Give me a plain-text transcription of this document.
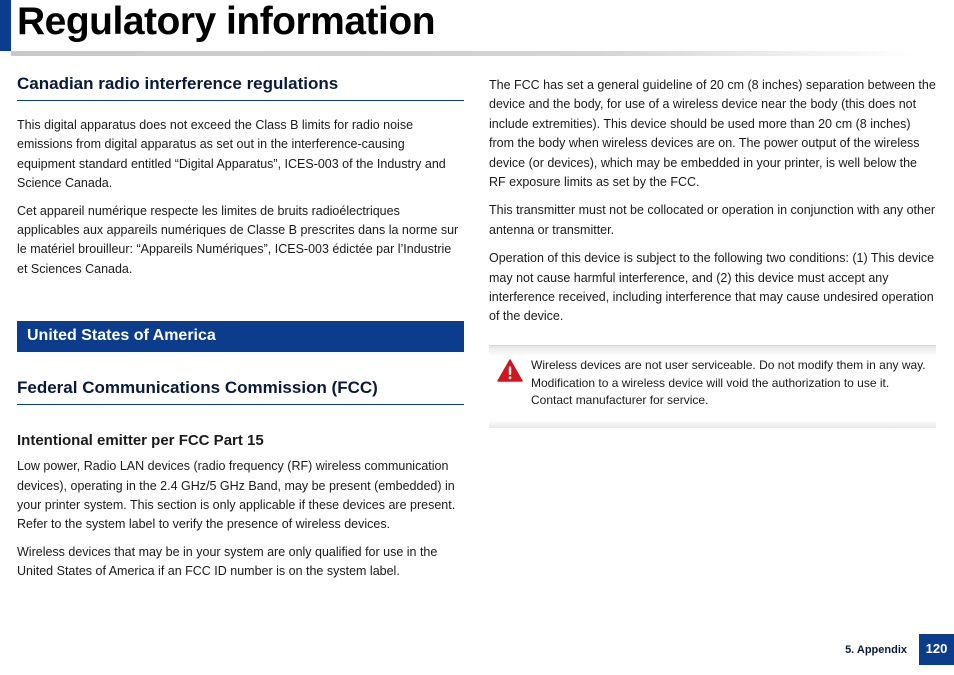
Regulatory information
Canadian radio interference regulations

This digital apparatus does not exceed the Class B limits for radio noise emissions from digital apparatus as set out in the interference-causing equipment standard entitled “Digital Apparatus”, ICES-003 of the Industry and Science Canada.

Cet appareil numérique respecte les limites de bruits radioélectriques applicables aux appareils numériques de Classe B prescrites dans la norme sur le matériel brouilleur: “Appareils Numériques”, ICES-003 édictée par l’Industrie et Sciences Canada.

United States of America
Federal Communications Commission (FCC)
Intentional emitter per FCC Part 15

Low power, Radio LAN devices (radio frequency (RF) wireless communication devices), operating in the 2.4 GHz/5 GHz Band, may be present (embedded) in your printer system. This section is only applicable if these devices are present. Refer to the system label to verify the presence of wireless devices.

Wireless devices that may be in your system are only qualified for use in the United States of America if an FCC ID number is on the system label.

The FCC has set a general guideline of 20 cm (8 inches) separation between the device and the body, for use of a wireless device near the body (this does not include extremities). This device should be used more than 20 cm (8 inches) from the body when wireless devices are on. The power output of the wireless device (or devices), which may be embedded in your printer, is well below the RF exposure limits as set by the FCC.

This transmitter must not be collocated or operation in conjunction with any other antenna or transmitter.

Operation of this device is subject to the following two conditions: (1) This device may not cause harmful interference, and (2) this device must accept any interference received, including interference that may cause undesired operation of the device.

Wireless devices are not user serviceable. Do not modify them in any way. Modification to a wireless device will void the authorization to use it. Contact manufacturer for service.
5. Appendix	120
